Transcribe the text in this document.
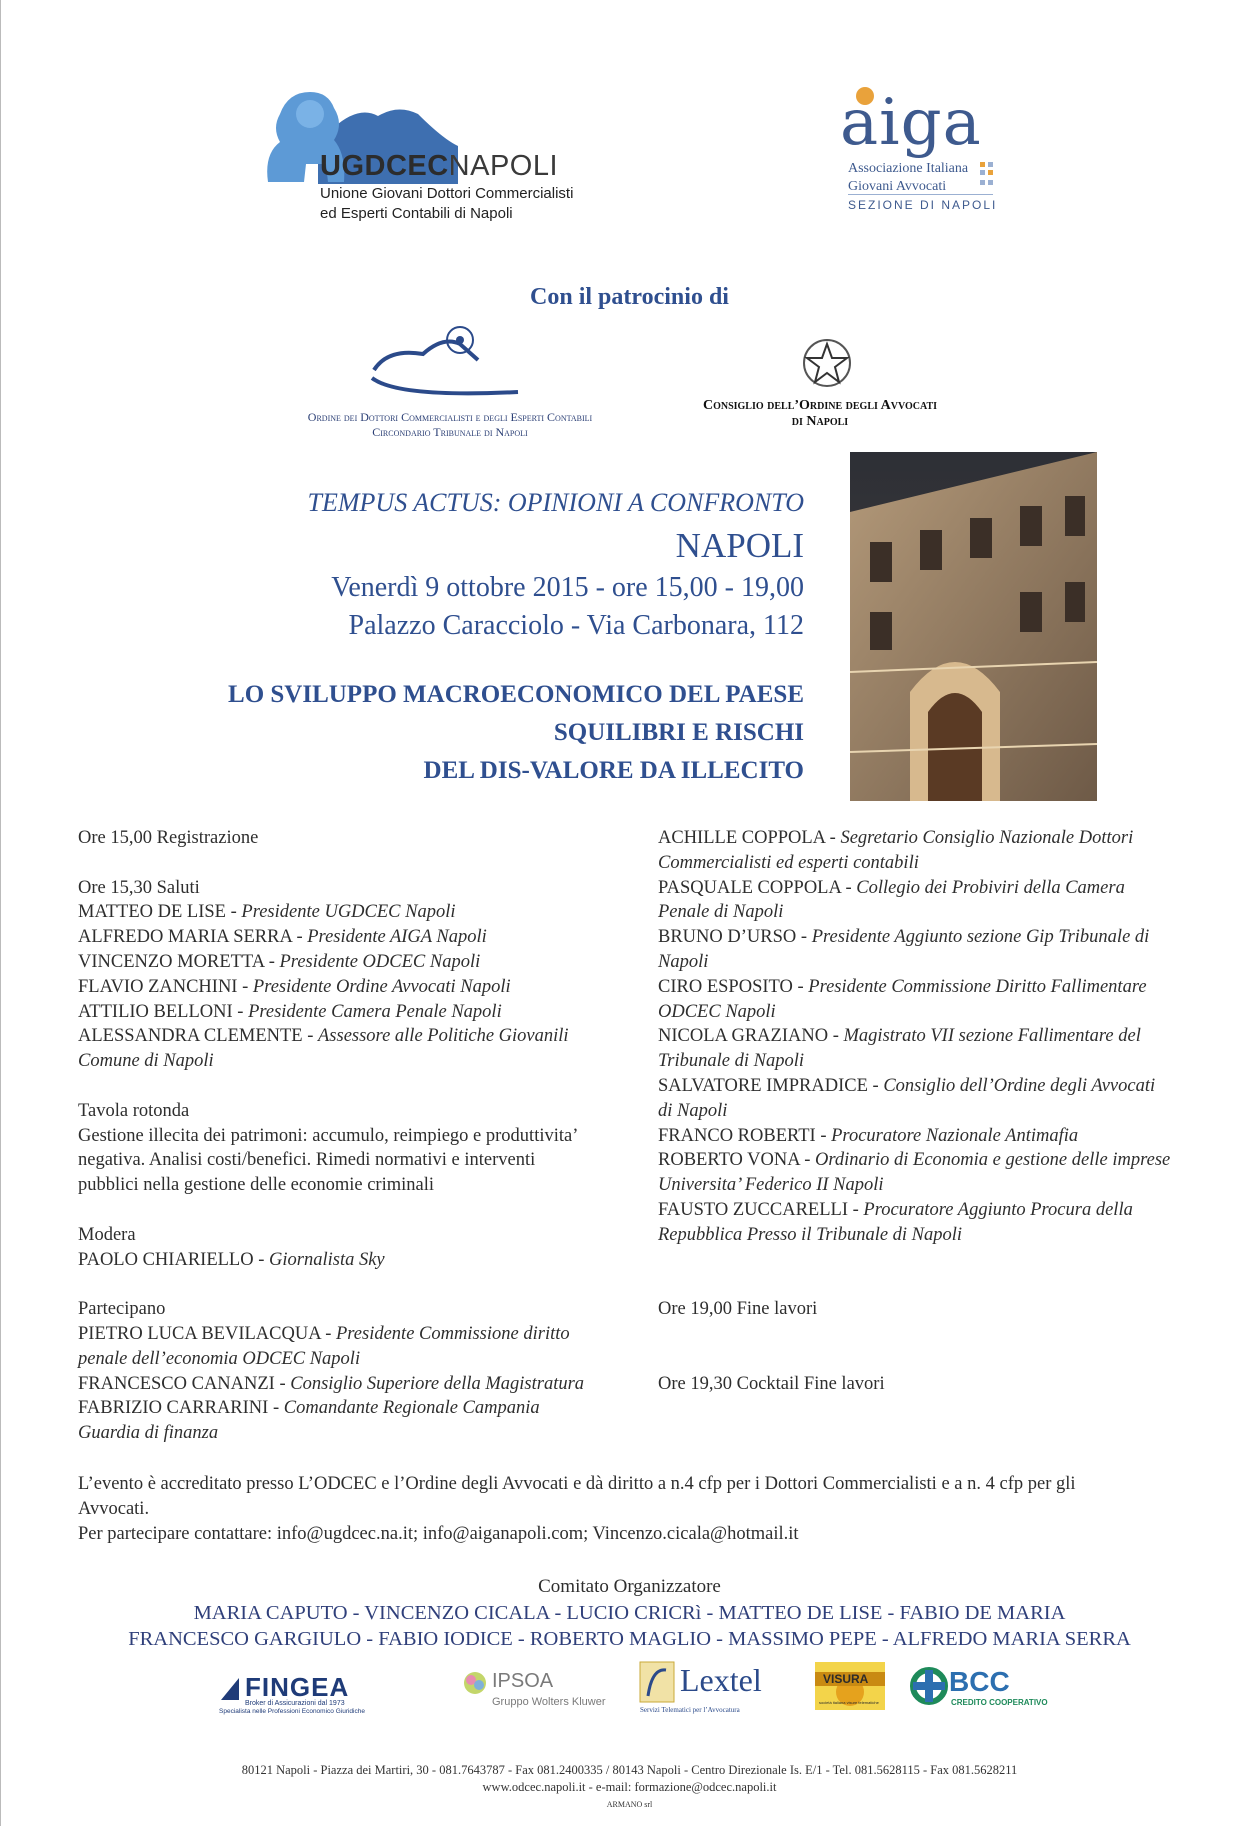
UGDCECNAPOLI
Unione Giovani Dottori Commercialisti
ed Esperti Contabili di Napoli
aiga
Associazione Italiana
Giovani Avvocati
SEZIONE DI NAPOLI
Con il patrocinio di
Ordine dei Dottori Commercialisti e degli Esperti Contabili
Circondario Tribunale di Napoli
Consiglio dell’Ordine degli Avvocati
di Napoli
TEMPUS ACTUS: OPINIONI A CONFRONTO
NAPOLI
Venerdì 9 ottobre 2015 - ore 15,00 - 19,00
Palazzo Caracciolo - Via Carbonara, 112
LO SVILUPPO MACROECONOMICO DEL PAESE
SQUILIBRI E RISCHI
DEL DIS-VALORE DA ILLECITO

Ore 15,00 Registrazione

Ore 15,30 Saluti

MATTEO DE LISE - Presidente UGDCEC Napoli

ALFREDO MARIA SERRA - Presidente AIGA Napoli

VINCENZO MORETTA - Presidente ODCEC Napoli

FLAVIO ZANCHINI - Presidente Ordine Avvocati Napoli

ATTILIO BELLONI - Presidente Camera Penale Napoli

ALESSANDRA CLEMENTE - Assessore alle Politiche Giovanili

Comune di Napoli

Tavola rotonda

Gestione illecita dei patrimoni: accumulo, reimpiego e produttivita’

negativa. Analisi costi/benefici. Rimedi normativi e interventi

pubblici nella gestione delle economie criminali

Modera

PAOLO CHIARIELLO - Giornalista Sky

Partecipano

PIETRO LUCA BEVILACQUA - Presidente Commissione diritto

penale dell’economia ODCEC Napoli

FRANCESCO CANANZI - Consiglio Superiore della Magistratura

FABRIZIO CARRARINI - Comandante Regionale Campania

Guardia di finanza

ACHILLE COPPOLA - Segretario Consiglio Nazionale Dottori

Commercialisti ed esperti contabili

PASQUALE COPPOLA - Collegio dei Probiviri della Camera

Penale di Napoli

BRUNO D’URSO - Presidente Aggiunto sezione Gip Tribunale di

Napoli

CIRO ESPOSITO - Presidente Commissione Diritto Fallimentare

ODCEC Napoli

NICOLA GRAZIANO - Magistrato VII sezione Fallimentare del

Tribunale di Napoli

SALVATORE IMPRADICE - Consiglio dell’Ordine degli Avvocati

di Napoli

FRANCO ROBERTI - Procuratore Nazionale Antimafia

ROBERTO VONA - Ordinario di Economia e gestione delle imprese

Universita’ Federico II Napoli

FAUSTO ZUCCARELLI - Procuratore Aggiunto Procura della

Repubblica Presso il Tribunale di Napoli

Ore 19,00 Fine lavori

Ore 19,30 Cocktail Fine lavori

L’evento è accreditato presso L’ODCEC e l’Ordine degli Avvocati e dà diritto a n.4 cfp per i Dottori Commercialisti e a n. 4 cfp per gli
Avvocati.
Per partecipare contattare: info@ugdcec.na.it; info@aiganapoli.com; Vincenzo.cicala@hotmail.it
Comitato Organizzatore
MARIA CAPUTO - VINCENZO CICALA - LUCIO CRICRì - MATTEO DE LISE - FABIO DE MARIA
FRANCESCO GARGIULO - FABIO IODICE - ROBERTO MAGLIO - MASSIMO PEPE - ALFREDO MARIA SERRA
FINGEA
Broker di Assicurazioni dal 1973
Specialista nelle Professioni Economico Giuridiche
IPSOA
Gruppo Wolters Kluwer
Lextel
Servizi Telematici per l’Avvocatura
VISURA
società italiana visure telematiche
BCC
CREDITO COOPERATIVO
80121 Napoli - Piazza dei Martiri, 30 - 081.7643787 - Fax 081.2400335 / 80143 Napoli - Centro Direzionale Is. E/1 - Tel. 081.5628115 - Fax 081.5628211
www.odcec.napoli.it - e-mail: formazione@odcec.napoli.it
ARMANO srl
